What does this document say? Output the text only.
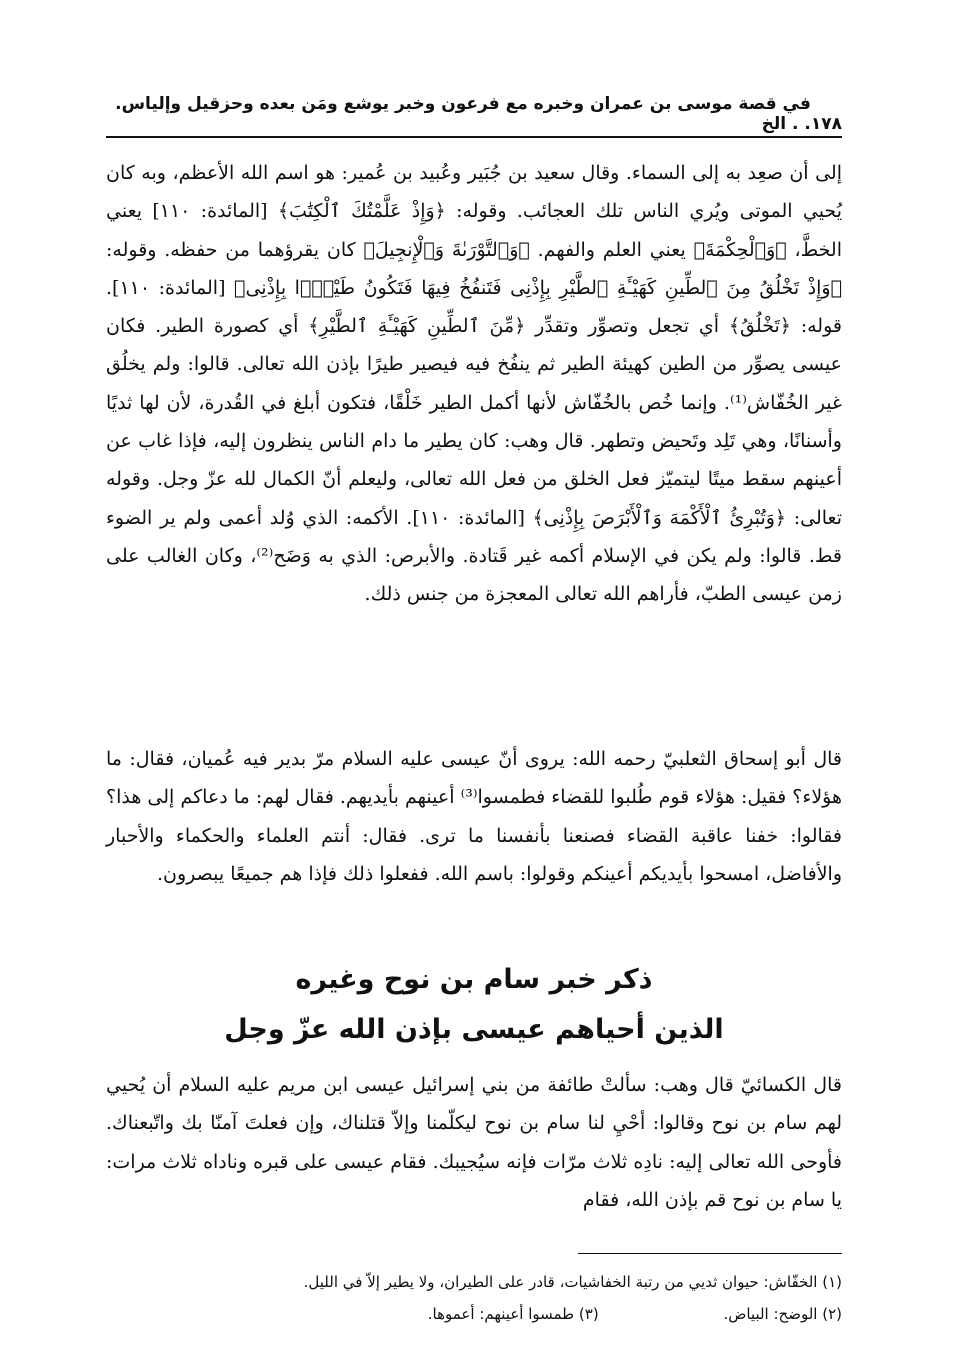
١٧٨
في قصة موسى بن عمران وخبره مع فرعون وخبر يوشع ومَن بعده وحزقيل وإلياس. . . الخ
إلى أن صعِد به إلى السماء. وقال سعيد بن جُبَير وعُبيد بن عُمير: هو اسم الله الأعظم، وبه كان يُحيي الموتى ويُري الناس تلك العجائب. وقوله: ﴿وَإِذْ عَلَّمْتُكَ ٱلْكِتَٰبَ﴾ [المائدة: ١١٠] يعني الخطَّ، ﴿وَٱلْحِكْمَةَ﴾ يعني العلم والفهم. ﴿وَٱلتَّوْرَىٰةَ وَٱلْإِنجِيلَ﴾ كان يقرؤهما من حفظه. وقوله: ﴿وَإِذْ تَخْلُقُ مِنَ ٱلطِّينِ كَهَيْـَٔةِ ٱلطَّيْرِ بِإِذْنِى فَتَنفُخُ فِيهَا فَتَكُونُ طَيْرًۢا بِإِذْنِى﴾ [المائدة: ١١٠]. قوله: ﴿تَخْلُقُ﴾ أي تجعل وتصوِّر وتقدِّر ﴿مِّنَ ٱلطِّينِ كَهَيْـَٔةِ ٱلطَّيْرِ﴾ أي كصورة الطير. فكان عيسى يصوِّر من الطين كهيئة الطير ثم ينفُخ فيه فيصير طيرًا بإذن الله تعالى. قالوا: ولم يخلُق غير الخُفّاش⁽¹⁾. وإنما خُص بالخُفّاش لأنها أكمل الطير خَلْقًا، فتكون أبلغ في القُدرة، لأن لها ثديًا وأسنانًا، وهي تَلِد وتَحيض وتطهر. قال وهب: كان يطير ما دام الناس ينظرون إليه، فإذا غاب عن أعينهم سقط ميتًا ليتميّز فعل الخلق من فعل الله تعالى، وليعلم أنّ الكمال لله عزّ وجل. وقوله تعالى: ﴿وَتُبْرِئُ ٱلْأَكْمَهَ وَٱلْأَبْرَصَ بِإِذْنِى﴾ [المائدة: ١١٠]. الأكمه: الذي وُلد أعمى ولم ير الضوء قط. قالوا: ولم يكن في الإسلام أكمه غير قَتادة. والأبرص: الذي به وَضَح⁽²⁾، وكان الغالب على زمن عيسى الطبّ، فأراهم الله تعالى المعجزة من جنس ذلك.
قال أبو إسحاق الثعلبيّ رحمه الله: يروى أنّ عيسى عليه السلام مرّ بدير فيه عُميان، فقال: ما هؤلاء؟ فقيل: هؤلاء قوم طُلبوا للقضاء فطمسوا⁽³⁾ أعينهم بأيديهم. فقال لهم: ما دعاكم إلى هذا؟ فقالوا: خفنا عاقبة القضاء فصنعنا بأنفسنا ما ترى. فقال: أنتم العلماء والحكماء والأحبار والأفاضل، امسحوا بأيديكم أعينكم وقولوا: باسم الله. ففعلوا ذلك فإذا هم جميعًا يبصرون.
ذكر خبر سام بن نوح وغيره
الذين أحياهم عيسى بإذن الله عزّ وجل
قال الكسائيّ قال وهب: سألتْ طائفة من بني إسرائيل عيسى ابن مريم عليه السلام أن يُحيي لهم سام بن نوح وقالوا: أحْيِ لنا سام بن نوح ليكلّمنا وإلاّ قتلناك، وإن فعلتَ آمنّا بك واتّبعناك. فأوحى الله تعالى إليه: نادِه ثلاث مرّات فإنه سيُجيبك. فقام عيسى على قبره وناداه ثلاث مرات: يا سام بن نوح قم بإذن الله، فقام
(١) الخفّاش: حيوان ثديي من رتبة الخفاشيات، قادر على الطيران، ولا يطير إلاّ في الليل.
(٢) الوضح: البياض. (٣) طمسوا أعينهم: أعموها.
